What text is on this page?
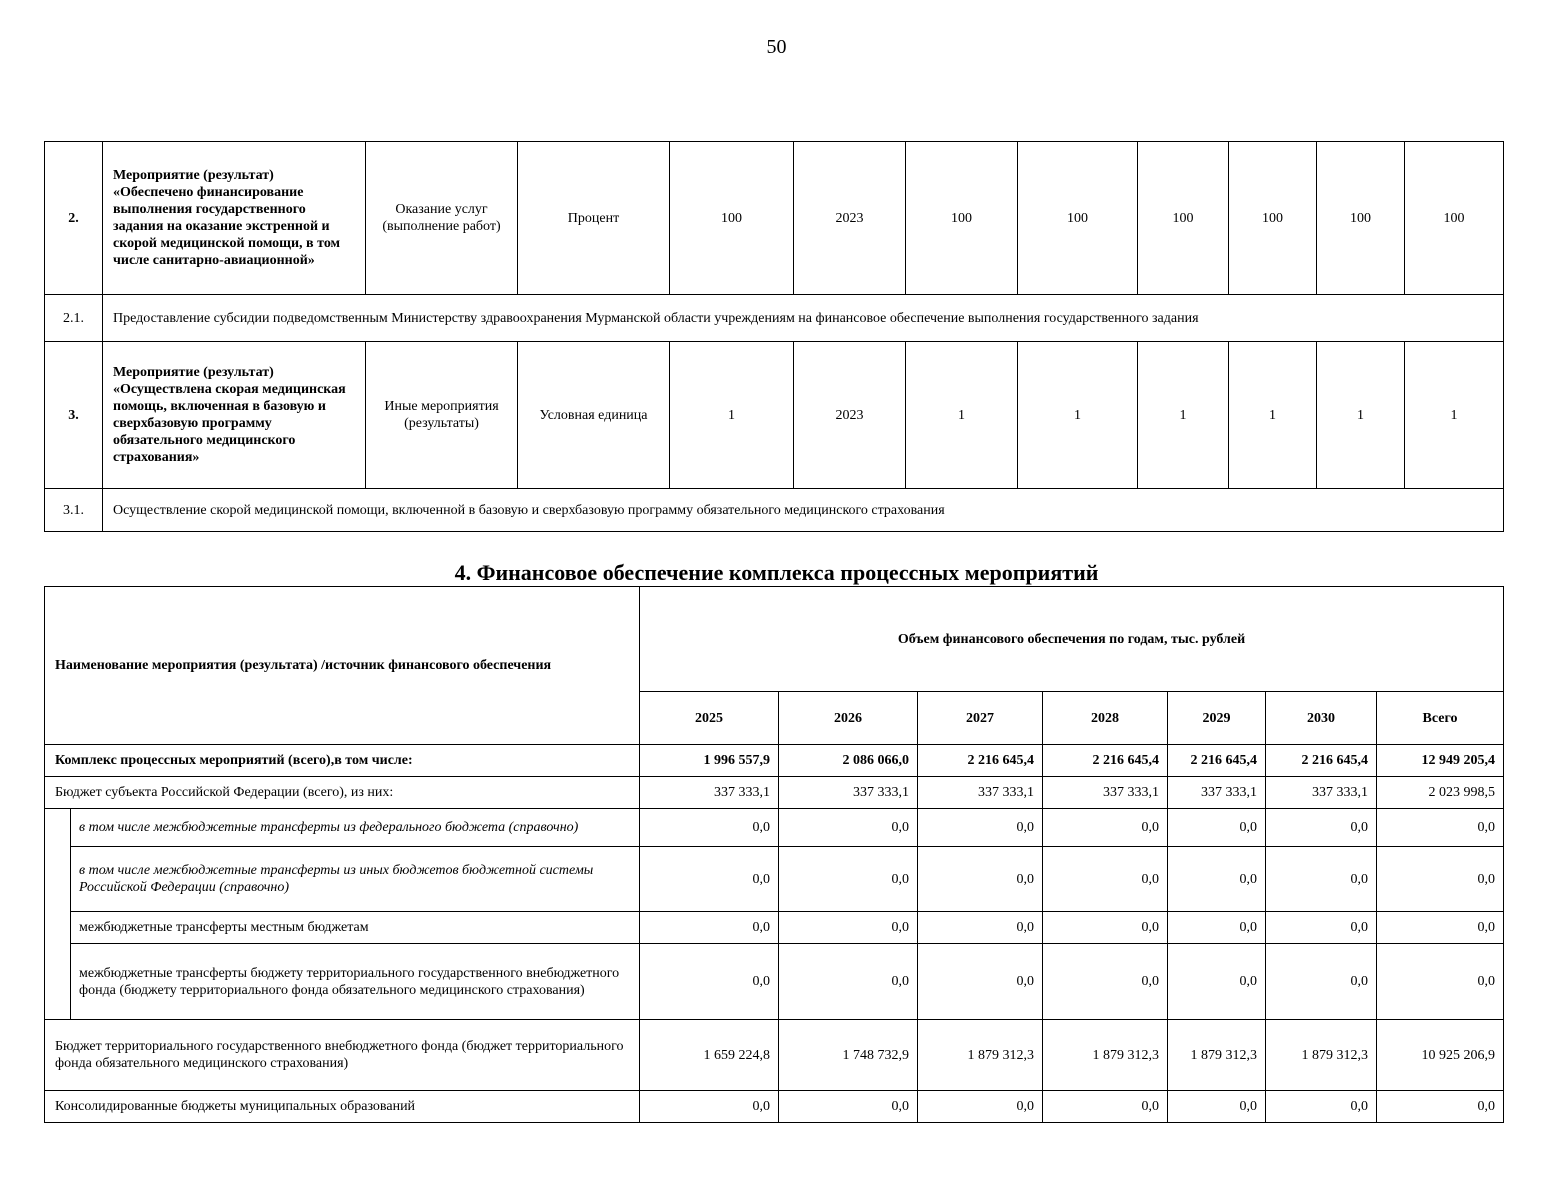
50
2.	Мероприятие (результат) «Обеспечено финансирование выполнения государственного задания на оказание экстренной и скорой медицинской помощи, в том числе санитарно-авиационной»	Оказание услуг (выполнение работ)	Процент	100	2023	100	100	100	100	100	100
2.1.	Предоставление субсидии подведомственным Министерству здравоохранения Мурманской области учреждениям на финансовое обеспечение выполнения государственного задания										
3.	Мероприятие (результат) «Осуществлена скорая медицинская помощь, включенная в базовую и сверхбазовую программу обязательного медицинского страхования»	Иные мероприятия (результаты)	Условная единица	1	2023	1	1	1	1	1	1
3.1.	Осуществление скорой медицинской помощи, включенной в базовую и сверхбазовую программу обязательного медицинского страхования										
4. Финансовое обеспечение комплекса процессных мероприятий
Наименование мероприятия (результата) /источник финансового обеспечения		Объем финансового обеспечения по годам, тыс. рублей						
		2025	2026	2027	2028	2029	2030	Всего
Комплекс процессных мероприятий (всего),в том числе:		1 996 557,9	2 086 066,0	2 216 645,4	2 216 645,4	2 216 645,4	2 216 645,4	12 949 205,4
Бюджет субъекта Российской Федерации (всего), из них:		337 333,1	337 333,1	337 333,1	337 333,1	337 333,1	337 333,1	2 023 998,5
	в том числе межбюджетные трансферты из федерального бюджета (справочно)	0,0	0,0	0,0	0,0	0,0	0,0	0,0
	в том числе межбюджетные трансферты из иных бюджетов бюджетной системы Российской Федерации (справочно)	0,0	0,0	0,0	0,0	0,0	0,0	0,0
	межбюджетные трансферты местным бюджетам	0,0	0,0	0,0	0,0	0,0	0,0	0,0
	межбюджетные трансферты бюджету территориального государственного внебюджетного фонда (бюджету территориального фонда обязательного медицинского страхования)	0,0	0,0	0,0	0,0	0,0	0,0	0,0
Бюджет территориального государственного внебюджетного фонда (бюджет территориального фонда обязательного медицинского страхования)		1 659 224,8	1 748 732,9	1 879 312,3	1 879 312,3	1 879 312,3	1 879 312,3	10 925 206,9
Консолидированные бюджеты муниципальных образований		0,0	0,0	0,0	0,0	0,0	0,0	0,0
